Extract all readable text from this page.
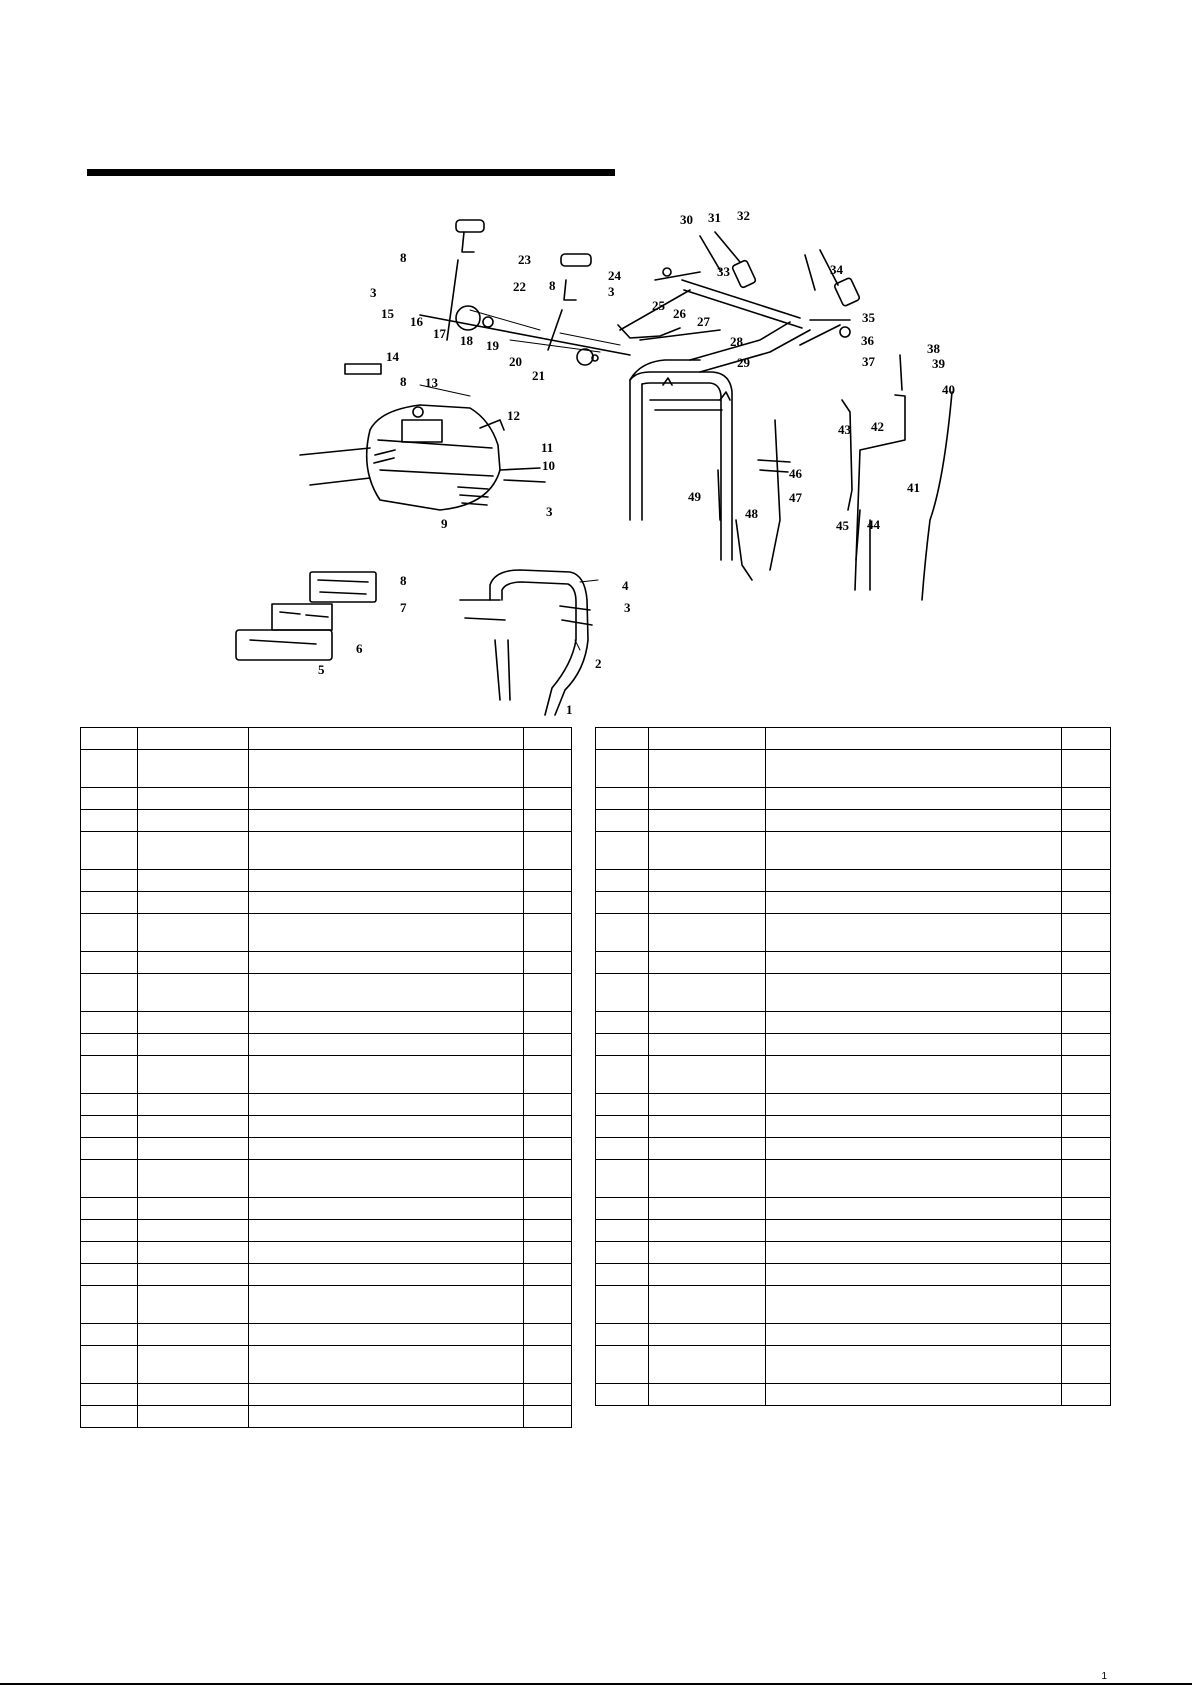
1
2
3
3
3	3
4
5
6
7
8
8
8
8 13
9
10
11
12
14
15
16
17 18 19
20
21
22
23
24
25
26
27
28
29
30 31 32
33	34
35
36
37
38
39
40
41
42
43
44
45
46
47
48
49

1
